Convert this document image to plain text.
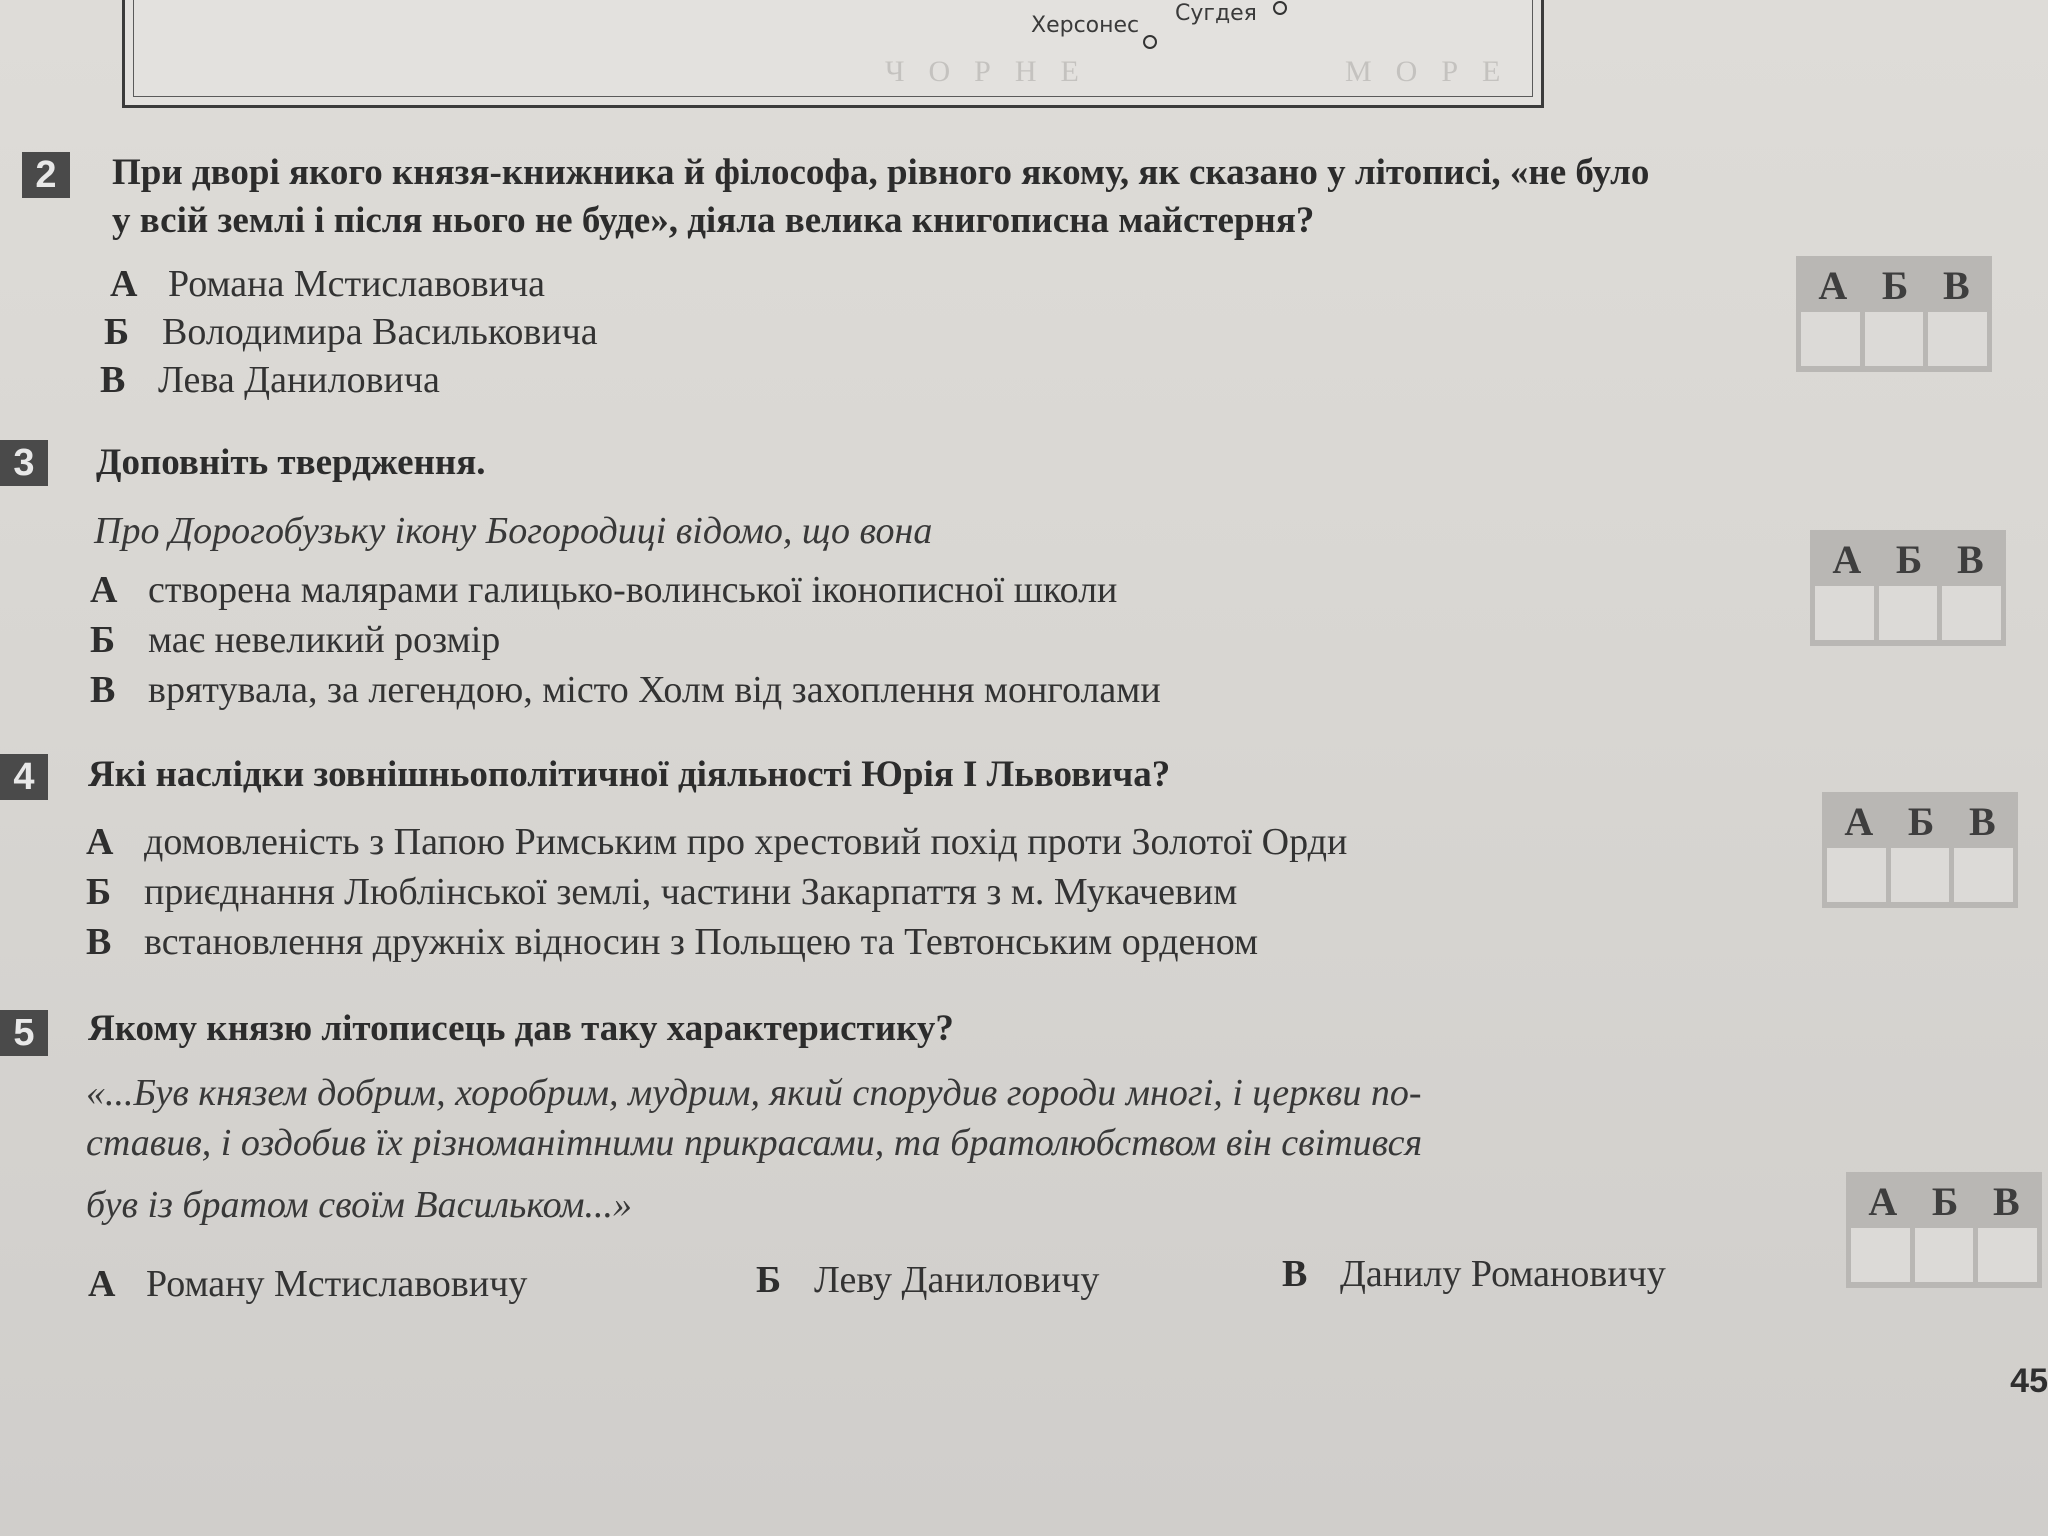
Херсонес Сугдея
ЧОРНЕ	МОРЕ
2	При дворі якого князя-книжника й філософа, рівного якому, як сказано у літописі, «не було
у всій землі і після нього не буде», діяла велика книгописна майстерня?
А Романа Мстиславовича
Б Володимира Васильковича
В Лева Даниловича
А Б В
3	Доповніть твердження.
Про Дорогобузьку ікону Богородиці відомо, що вона
А створена малярами галицько-волинської іконописної школи
Б має невеликий розмір
В врятувала, за легендою, місто Холм від захоплення монголами
А Б В
4	Які наслідки зовнішньополітичної діяльності Юрія I Львовича?
А домовленість з Папою Римським про хрестовий похід проти Золотої Орди
Б приєднання Люблінської землі, частини Закарпаття з м. Мукачевим
В встановлення дружніх відносин з Польщею та Тевтонським орденом
А Б В
5	Якому князю літописець дав таку характеристику?
«...Був князем добрим, хоробрим, мудрим, який спорудив городи многі, і церкви по-
ставив, і оздобив їх різноманітними прикрасами, та братолюбством він світився
був із братом своїм Васильком...»
А Роману Мстиславовичу	Б Леву Даниловичу	В Данилу Романовичу
А Б В
45
